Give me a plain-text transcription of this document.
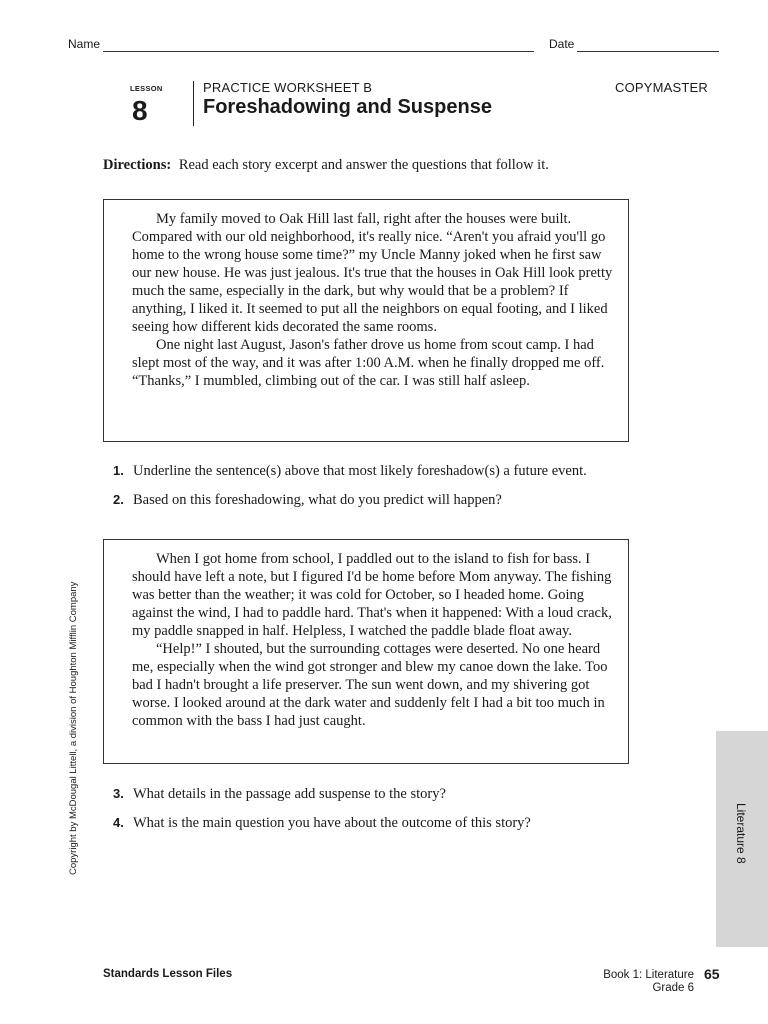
Name	Date
LESSON
8
PRACTICE WORKSHEET B
Foreshadowing and Suspense
COPYMASTER
Directions: Read each story excerpt and answer the questions that follow it.

My family moved to Oak Hill last fall, right after the houses were built. Compared with our old neighborhood, it's really nice. “Aren't you afraid you'll go home to the wrong house some time?” my Uncle Manny joked when he first saw our new house. He was just jealous. It's true that the houses in Oak Hill look pretty much the same, especially in the dark, but why would that be a problem? If anything, I liked it. It seemed to put all the neighbors on equal footing, and I liked seeing how different kids decorated the same rooms.

One night last August, Jason's father drove us home from scout camp. I had slept most of the way, and it was after 1:00 A.M. when he finally dropped me off. “Thanks,” I mumbled, climbing out of the car. I was still half asleep.

1. Underline the sentence(s) above that most likely foreshadow(s) a future event.
2. Based on this foreshadowing, what do you predict will happen?

When I got home from school, I paddled out to the island to fish for bass. I should have left a note, but I figured I'd be home before Mom anyway. The fishing was better than the weather; it was cold for October, so I headed home. Going against the wind, I had to paddle hard. That's when it happened: With a loud crack, my paddle snapped in half. Helpless, I watched the paddle blade float away.

“Help!” I shouted, but the surrounding cottages were deserted. No one heard me, especially when the wind got stronger and blew my canoe down the lake. Too bad I hadn't brought a life preserver. The sun went down, and my shivering got worse. I looked around at the dark water and suddenly felt I had a bit too much in common with the bass I had just caught.

3. What details in the passage add suspense to the story?
4. What is the main question you have about the outcome of this story?
Copyright by McDougal Littell, a division of Houghton Mifflin Company	Literature 8
Standards Lesson Files	Book 1: Literature
Grade 6
65
